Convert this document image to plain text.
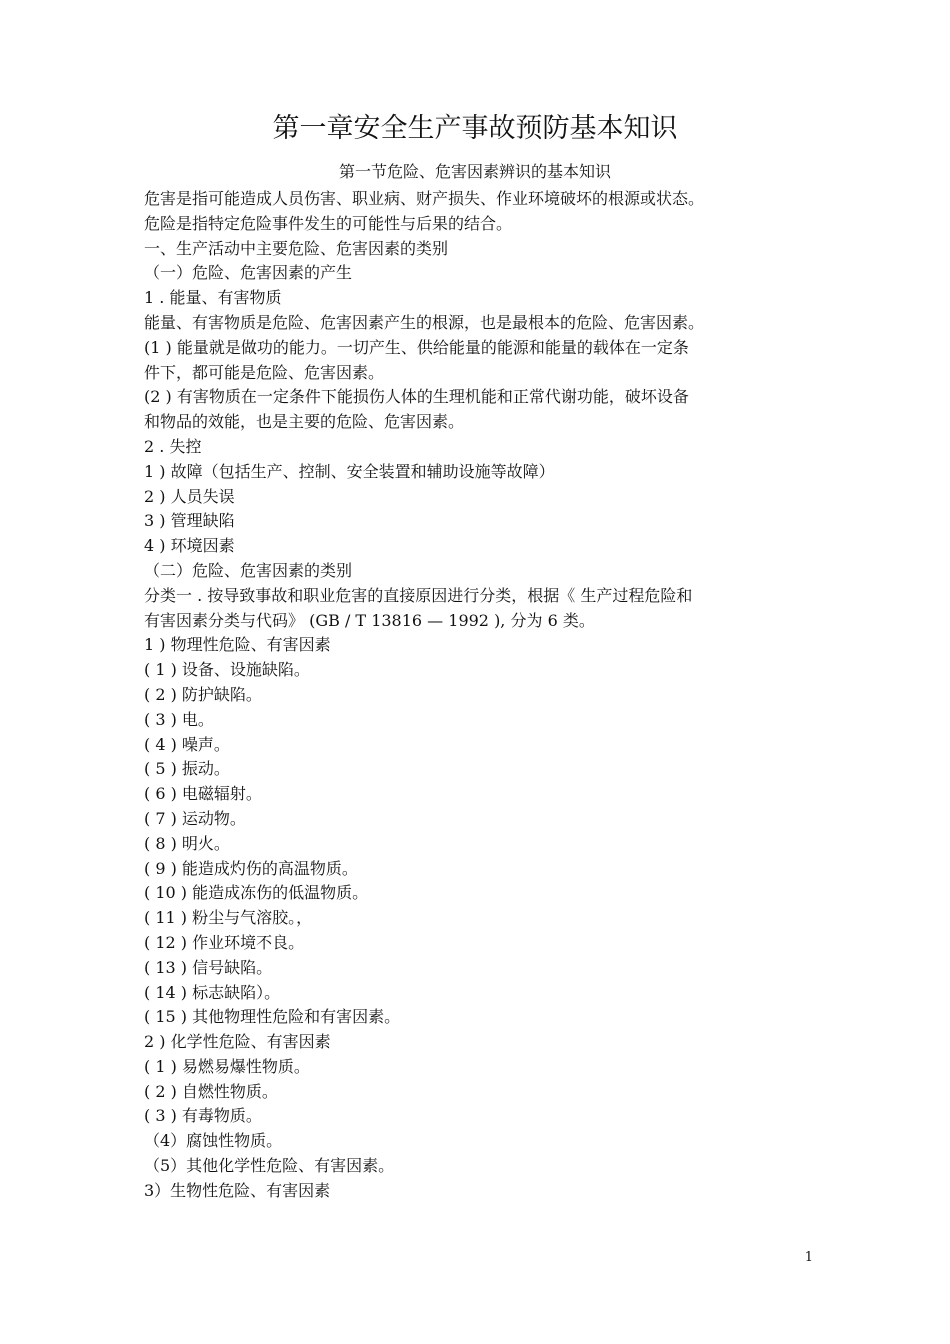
第一章安全生产事故预防基本知识
第一节危险、危害因素辨识的基本知识
危害是指可能造成人员伤害、职业病、财产损失、作业环境破坏的根源或状态。
危险是指特定危险事件发生的可能性与后果的结合。
一、生产活动中主要危险、危害因素的类别
（一）危险、危害因素的产生
1 . 能量、有害物质
能量、有害物质是危险、危害因素产生的根源，也是最根本的危险、危害因素。
(1 ) 能量就是做功的能力。一切产生、供给能量的能源和能量的载体在一定条
件下，都可能是危险、危害因素。
(2 ) 有害物质在一定条件下能损伤人体的生理机能和正常代谢功能，破坏设备
和物品的效能，也是主要的危险、危害因素。
2 . 失控
1 ) 故障（包括生产、控制、安全装置和辅助设施等故障）
2 ) 人员失误
3 ) 管理缺陷
4 ) 环境因素
（二）危险、危害因素的类别
分类一 . 按导致事故和职业危害的直接原因进行分类，根据《 生产过程危险和
有害因素分类与代码》 (GB / T 13816 — 1992 ), 分为 6 类。
1 ) 物理性危险、有害因素
( 1 ) 设备、设施缺陷。
( 2 ) 防护缺陷。
( 3 ) 电。
( 4 ) 噪声。
( 5 ) 振动。
( 6 ) 电磁辐射。
( 7 ) 运动物。
( 8 ) 明火。
( 9 ) 能造成灼伤的高温物质。
( 10 ) 能造成冻伤的低温物质。
( 11 ) 粉尘与气溶胶。，
( 12 ) 作业环境不良。
( 13 ) 信号缺陷。
( 14 ) 标志缺陷）。
( 15 ) 其他物理性危险和有害因素。
2 ) 化学性危险、有害因素
( 1 ) 易燃易爆性物质。
( 2 ) 自燃性物质。
( 3 ) 有毒物质。
（4）腐蚀性物质。
（5）其他化学性危险、有害因素。
3）生物性危险、有害因素
1
